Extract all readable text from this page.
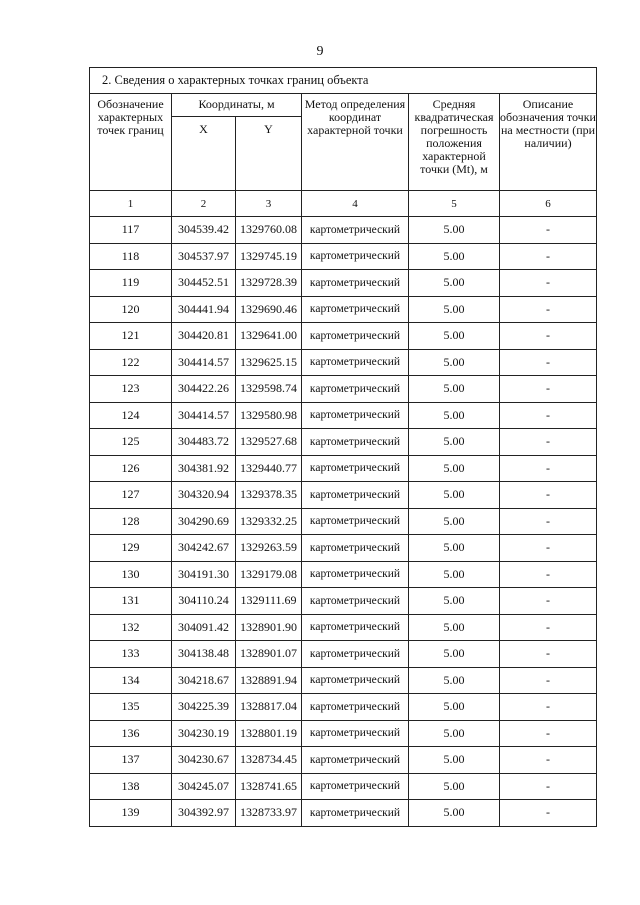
9
2. Сведения о характерных точках границ объекта					
Обозначение характерных точек границ	Координаты, м		Метод определения координат характерной точки	Средняя квадратическая погрешность положения характерной точки (Mt), м	Описание обозначения точки на местности (при наличии)
	X	Y			
1	2	3	4	5	6
117	304539.42	1329760.08	картометрический	5.00	-
118	304537.97	1329745.19	картометрический	5.00	-
119	304452.51	1329728.39	картометрический	5.00	-
120	304441.94	1329690.46	картометрический	5.00	-
121	304420.81	1329641.00	картометрический	5.00	-
122	304414.57	1329625.15	картометрический	5.00	-
123	304422.26	1329598.74	картометрический	5.00	-
124	304414.57	1329580.98	картометрический	5.00	-
125	304483.72	1329527.68	картометрический	5.00	-
126	304381.92	1329440.77	картометрический	5.00	-
127	304320.94	1329378.35	картометрический	5.00	-
128	304290.69	1329332.25	картометрический	5.00	-
129	304242.67	1329263.59	картометрический	5.00	-
130	304191.30	1329179.08	картометрический	5.00	-
131	304110.24	1329111.69	картометрический	5.00	-
132	304091.42	1328901.90	картометрический	5.00	-
133	304138.48	1328901.07	картометрический	5.00	-
134	304218.67	1328891.94	картометрический	5.00	-
135	304225.39	1328817.04	картометрический	5.00	-
136	304230.19	1328801.19	картометрический	5.00	-
137	304230.67	1328734.45	картометрический	5.00	-
138	304245.07	1328741.65	картометрический	5.00	-
139	304392.97	1328733.97	картометрический	5.00	-
